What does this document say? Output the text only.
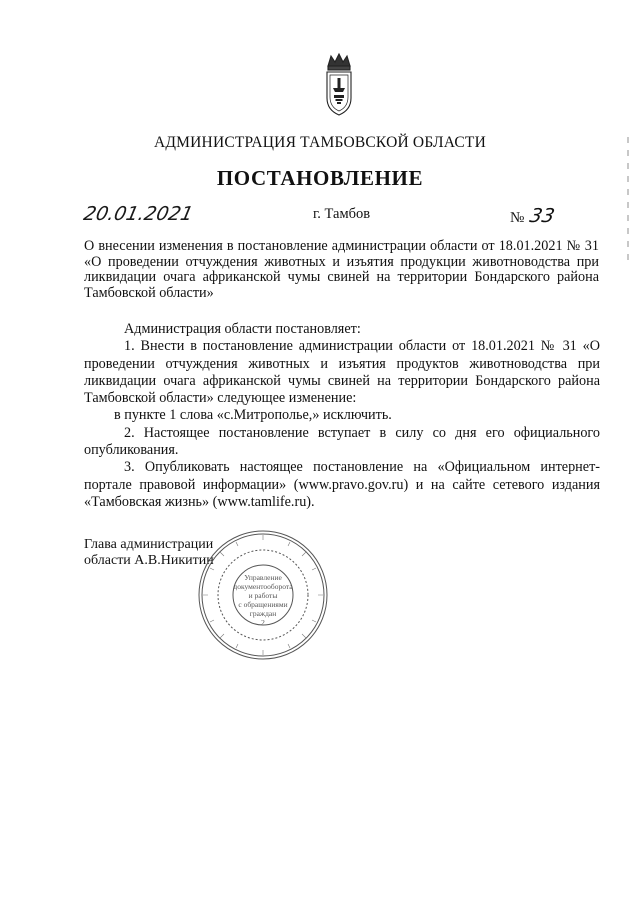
АДМИНИСТРАЦИЯ ТАМБОВСКОЙ ОБЛАСТИ
ПОСТАНОВЛЕНИЕ
20.01.2021	г. Тамбов	№ 33
О внесении изменения в постановление администрации области от 18.01.2021 № 31 «О проведении отчуждения животных и изъятия продукции животноводства при ликвидации очага африканской чумы свиней на территории Бондарского района Тамбовской области»

Администрация области постановляет:

1. Внести в постановление администрации области от 18.01.2021 № 31 «О проведении отчуждения животных и изъятия продуктов животноводства при ликвидации очага африканской чумы свиней на территории Бондарского района Тамбовской области» следующее изменение:

в пункте 1 слова «с.Митрополье,» исключить.

2. Настоящее постановление вступает в силу со дня его официального опубликования.

3. Опубликовать настоящее постановление на «Официальном интернет-портале правовой информации» (www.pravo.gov.ru) и на сайте сетевого издания «Тамбовская жизнь» (www.tamlife.ru).

Глава администрации
области А.В.Никитин
Управление
документооборота
и работы
с обращениями
граждан
2
